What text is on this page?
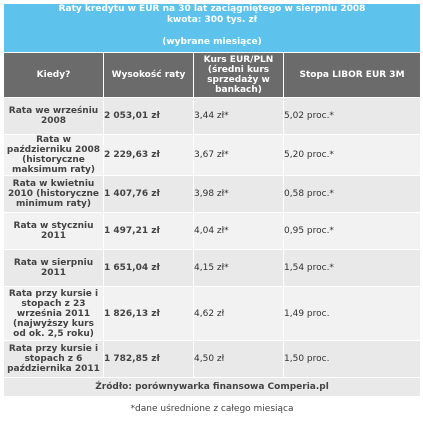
Raty kredytu w EUR na 30 lat zaciągniętego w sierpniu 2008
kwota: 300 tys. zł
(wybrane miesiące)			

Kiedy?	Wysokość raty	Kurs EUR/PLN
(średni kurs
sprzedaży w
bankach)	Stopa LIBOR EUR 3M

Rata we wrześniu
2008	2 053,01 zł	3,44 zł*	5,02 proc.*

Rata w
październiku 2008
(historyczne
maksimum raty)	2 229,63 zł	3,67 zł*	5,20 proc.*

Rata w kwietniu
2010 (historyczne
minimum raty)	1 407,76 zł	3,98 zł*	0,58 proc.*

Rata w styczniu
2011	1 497,21 zł	4,04 zł*	0,95 proc.*

Rata w sierpniu
2011	1 651,04 zł	4,15 zł*	1,54 proc.*

Rata przy kursie i
stopach z 23
września 2011
(najwyższy kurs
od ok. 2,5 roku)	1 826,13 zł	4,62 zł	1,49 proc.

Rata przy kursie i
stopach z 6
października 2011	1 782,85 zł	4,50 zł	1,50 proc.
Źródło: porównywarka finansowa Comperia.pl			
*dane uśrednione z całego miesiąca			
